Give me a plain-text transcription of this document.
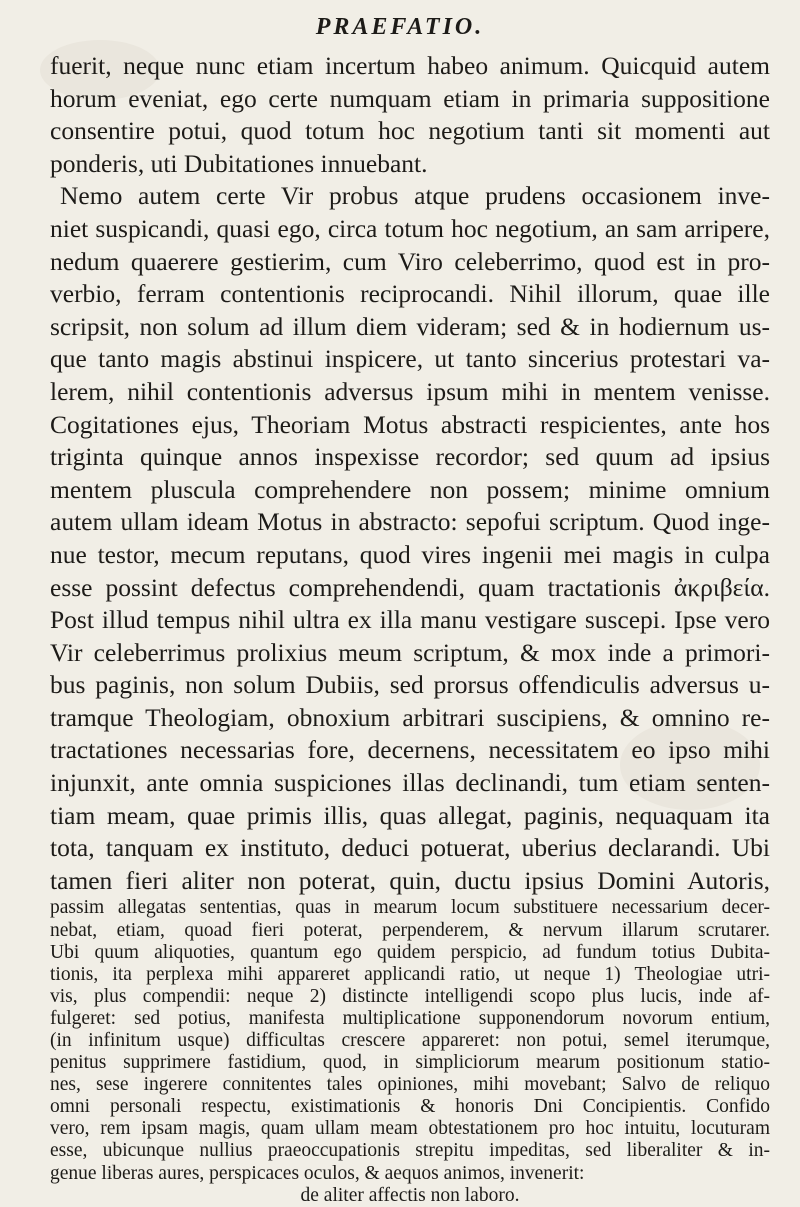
PRAEFATIO.
fuerit, neque nunc etiam incertum habeo animum. Quicquid autem
horum eveniat, ego certe numquam etiam in primaria suppositione
consentire potui, quod totum hoc negotium tanti sit momenti aut
ponderis, uti Dubitationes innuebant.
Nemo autem certe Vir probus atque prudens occasionem inve-
niet suspicandi, quasi ego, circa totum hoc negotium, an sam arripere,
nedum quaerere gestierim, cum Viro celeberrimo, quod est in pro-
verbio, ferram contentionis reciprocandi. Nihil illorum, quae ille
scripsit, non solum ad illum diem videram; sed & in hodiernum us-
que tanto magis abstinui inspicere, ut tanto sincerius protestari va-
lerem, nihil contentionis adversus ipsum mihi in mentem venisse.
Cogitationes ejus, Theoriam Motus abstracti respicientes, ante hos
triginta quinque annos inspexisse recordor; sed quum ad ipsius
mentem pluscula comprehendere non possem; minime omnium
autem ullam ideam Motus in abstracto: sepofui scriptum. Quod inge-
nue testor, mecum reputans, quod vires ingenii mei magis in culpa
esse possint defectus comprehendendi, quam tractationis ἀκριβεία.
Post illud tempus nihil ultra ex illa manu vestigare suscepi. Ipse vero
Vir celeberrimus prolixius meum scriptum, & mox inde a primori-
bus paginis, non solum Dubiis, sed prorsus offendiculis adversus u-
tramque Theologiam, obnoxium arbitrari suscipiens, & omnino re-
tractationes necessarias fore, decernens, necessitatem eo ipso mihi
injunxit, ante omnia suspiciones illas declinandi, tum etiam senten-
tiam meam, quae primis illis, quas allegat, paginis, nequaquam ita
tota, tanquam ex instituto, deduci potuerat, uberius declarandi. Ubi
tamen fieri aliter non poterat, quin, ductu ipsius Domini Autoris,
passim allegatas sententias, quas in mearum locum substituere necessarium decer-
nebat, etiam, quoad fieri poterat, perpenderem, & nervum illarum scrutarer.
Ubi quum aliquoties, quantum ego quidem perspicio, ad fundum totius Dubita-
tionis, ita perplexa mihi appareret applicandi ratio, ut neque 1) Theologiae utri-
vis, plus compendii: neque 2) distincte intelligendi scopo plus lucis, inde af-
fulgeret: sed potius, manifesta multiplicatione supponendorum novorum entium,
(in infinitum usque) difficultas crescere appareret: non potui, semel iterumque,
penitus supprimere fastidium, quod, in simpliciorum mearum positionum statio-
nes, sese ingerere connitentes tales opiniones, mihi movebant; Salvo de reliquo
omni personali respectu, existimationis & honoris Dni Concipientis. Confido
vero, rem ipsam magis, quam ullam meam obtestationem pro hoc intuitu, locuturam
esse, ubicunque nullius praeoccupationis strepitu impeditas, sed liberaliter & in-
genue liberas aures, perspicaces oculos, & aequos animos, invenerit:
de aliter affectis non laboro.
